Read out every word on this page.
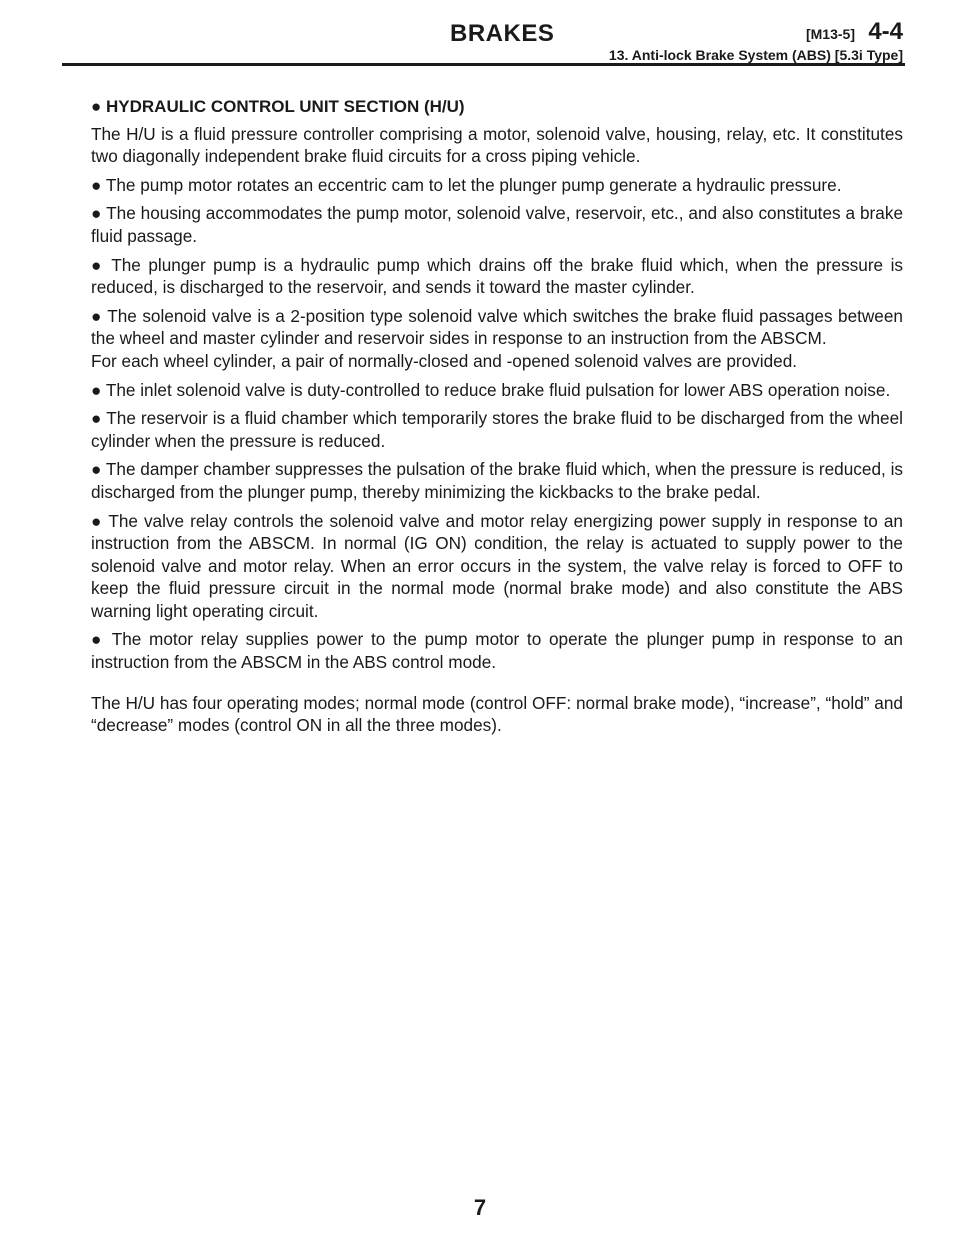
BRAKES	[M13-5] 4-4
13. Anti-lock Brake System (ABS) [5.3i Type]
● HYDRAULIC CONTROL UNIT SECTION (H/U)

The H/U is a fluid pressure controller comprising a motor, solenoid valve, housing, relay, etc. It constitutes two diagonally independent brake fluid circuits for a cross piping vehicle.

● The pump motor rotates an eccentric cam to let the plunger pump generate a hydraulic pressure.

● The housing accommodates the pump motor, solenoid valve, reservoir, etc., and also constitutes a brake fluid passage.

● The plunger pump is a hydraulic pump which drains off the brake fluid which, when the pressure is reduced, is discharged to the reservoir, and sends it toward the master cylinder.

● The solenoid valve is a 2-position type solenoid valve which switches the brake fluid passages between the wheel and master cylinder and reservoir sides in response to an instruction from the ABSCM.

For each wheel cylinder, a pair of normally-closed and -opened solenoid valves are provided.

● The inlet solenoid valve is duty-controlled to reduce brake fluid pulsation for lower ABS operation noise.

● The reservoir is a fluid chamber which temporarily stores the brake fluid to be discharged from the wheel cylinder when the pressure is reduced.

● The damper chamber suppresses the pulsation of the brake fluid which, when the pressure is reduced, is discharged from the plunger pump, thereby minimizing the kickbacks to the brake pedal.

● The valve relay controls the solenoid valve and motor relay energizing power supply in response to an instruction from the ABSCM. In normal (IG ON) condition, the relay is actuated to supply power to the solenoid valve and motor relay. When an error occurs in the system, the valve relay is forced to OFF to keep the fluid pressure circuit in the normal mode (normal brake mode) and also constitute the ABS warning light operating circuit.

● The motor relay supplies power to the pump motor to operate the plunger pump in response to an instruction from the ABSCM in the ABS control mode.

The H/U has four operating modes; normal mode (control OFF: normal brake mode), “increase”, “hold” and “decrease” modes (control ON in all the three modes).

7
